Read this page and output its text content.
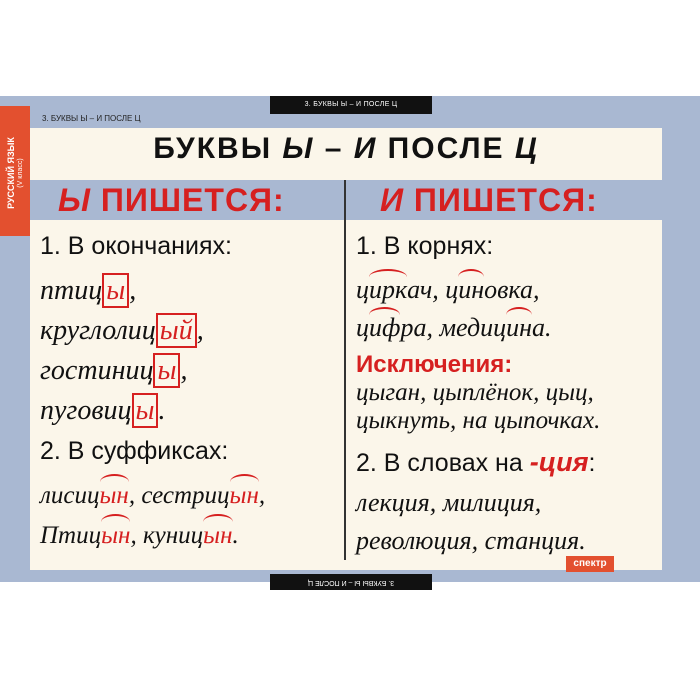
3. БУКВЫ Ы – И ПОСЛЕ Ц
3. БУКВЫ Ы – И ПОСЛЕ Ц
РУССКИЙ ЯЗЫК (V класс)
3. БУКВЫ Ы – И ПОСЛЕ Ц
БУКВЫ Ы – И ПОСЛЕ Ц
Ы ПИШЕТСЯ:	И ПИШЕТСЯ:
1. В окончаниях:
птиц ы ,
круглолиц ый ,
гостиниц ы ,
пуговиц ы .
2. В суффиксах:
лисицын, сестрицын,
Птицын, куницын.
1. В корнях:
циркач, циновка,
цифра, медицина.
Исключения:
цыган, цыплёнок, цыц,
цыкнуть, на цыпочках.
2. В словах на -ция:
лекция, милиция,
революция, станция.
спектр
